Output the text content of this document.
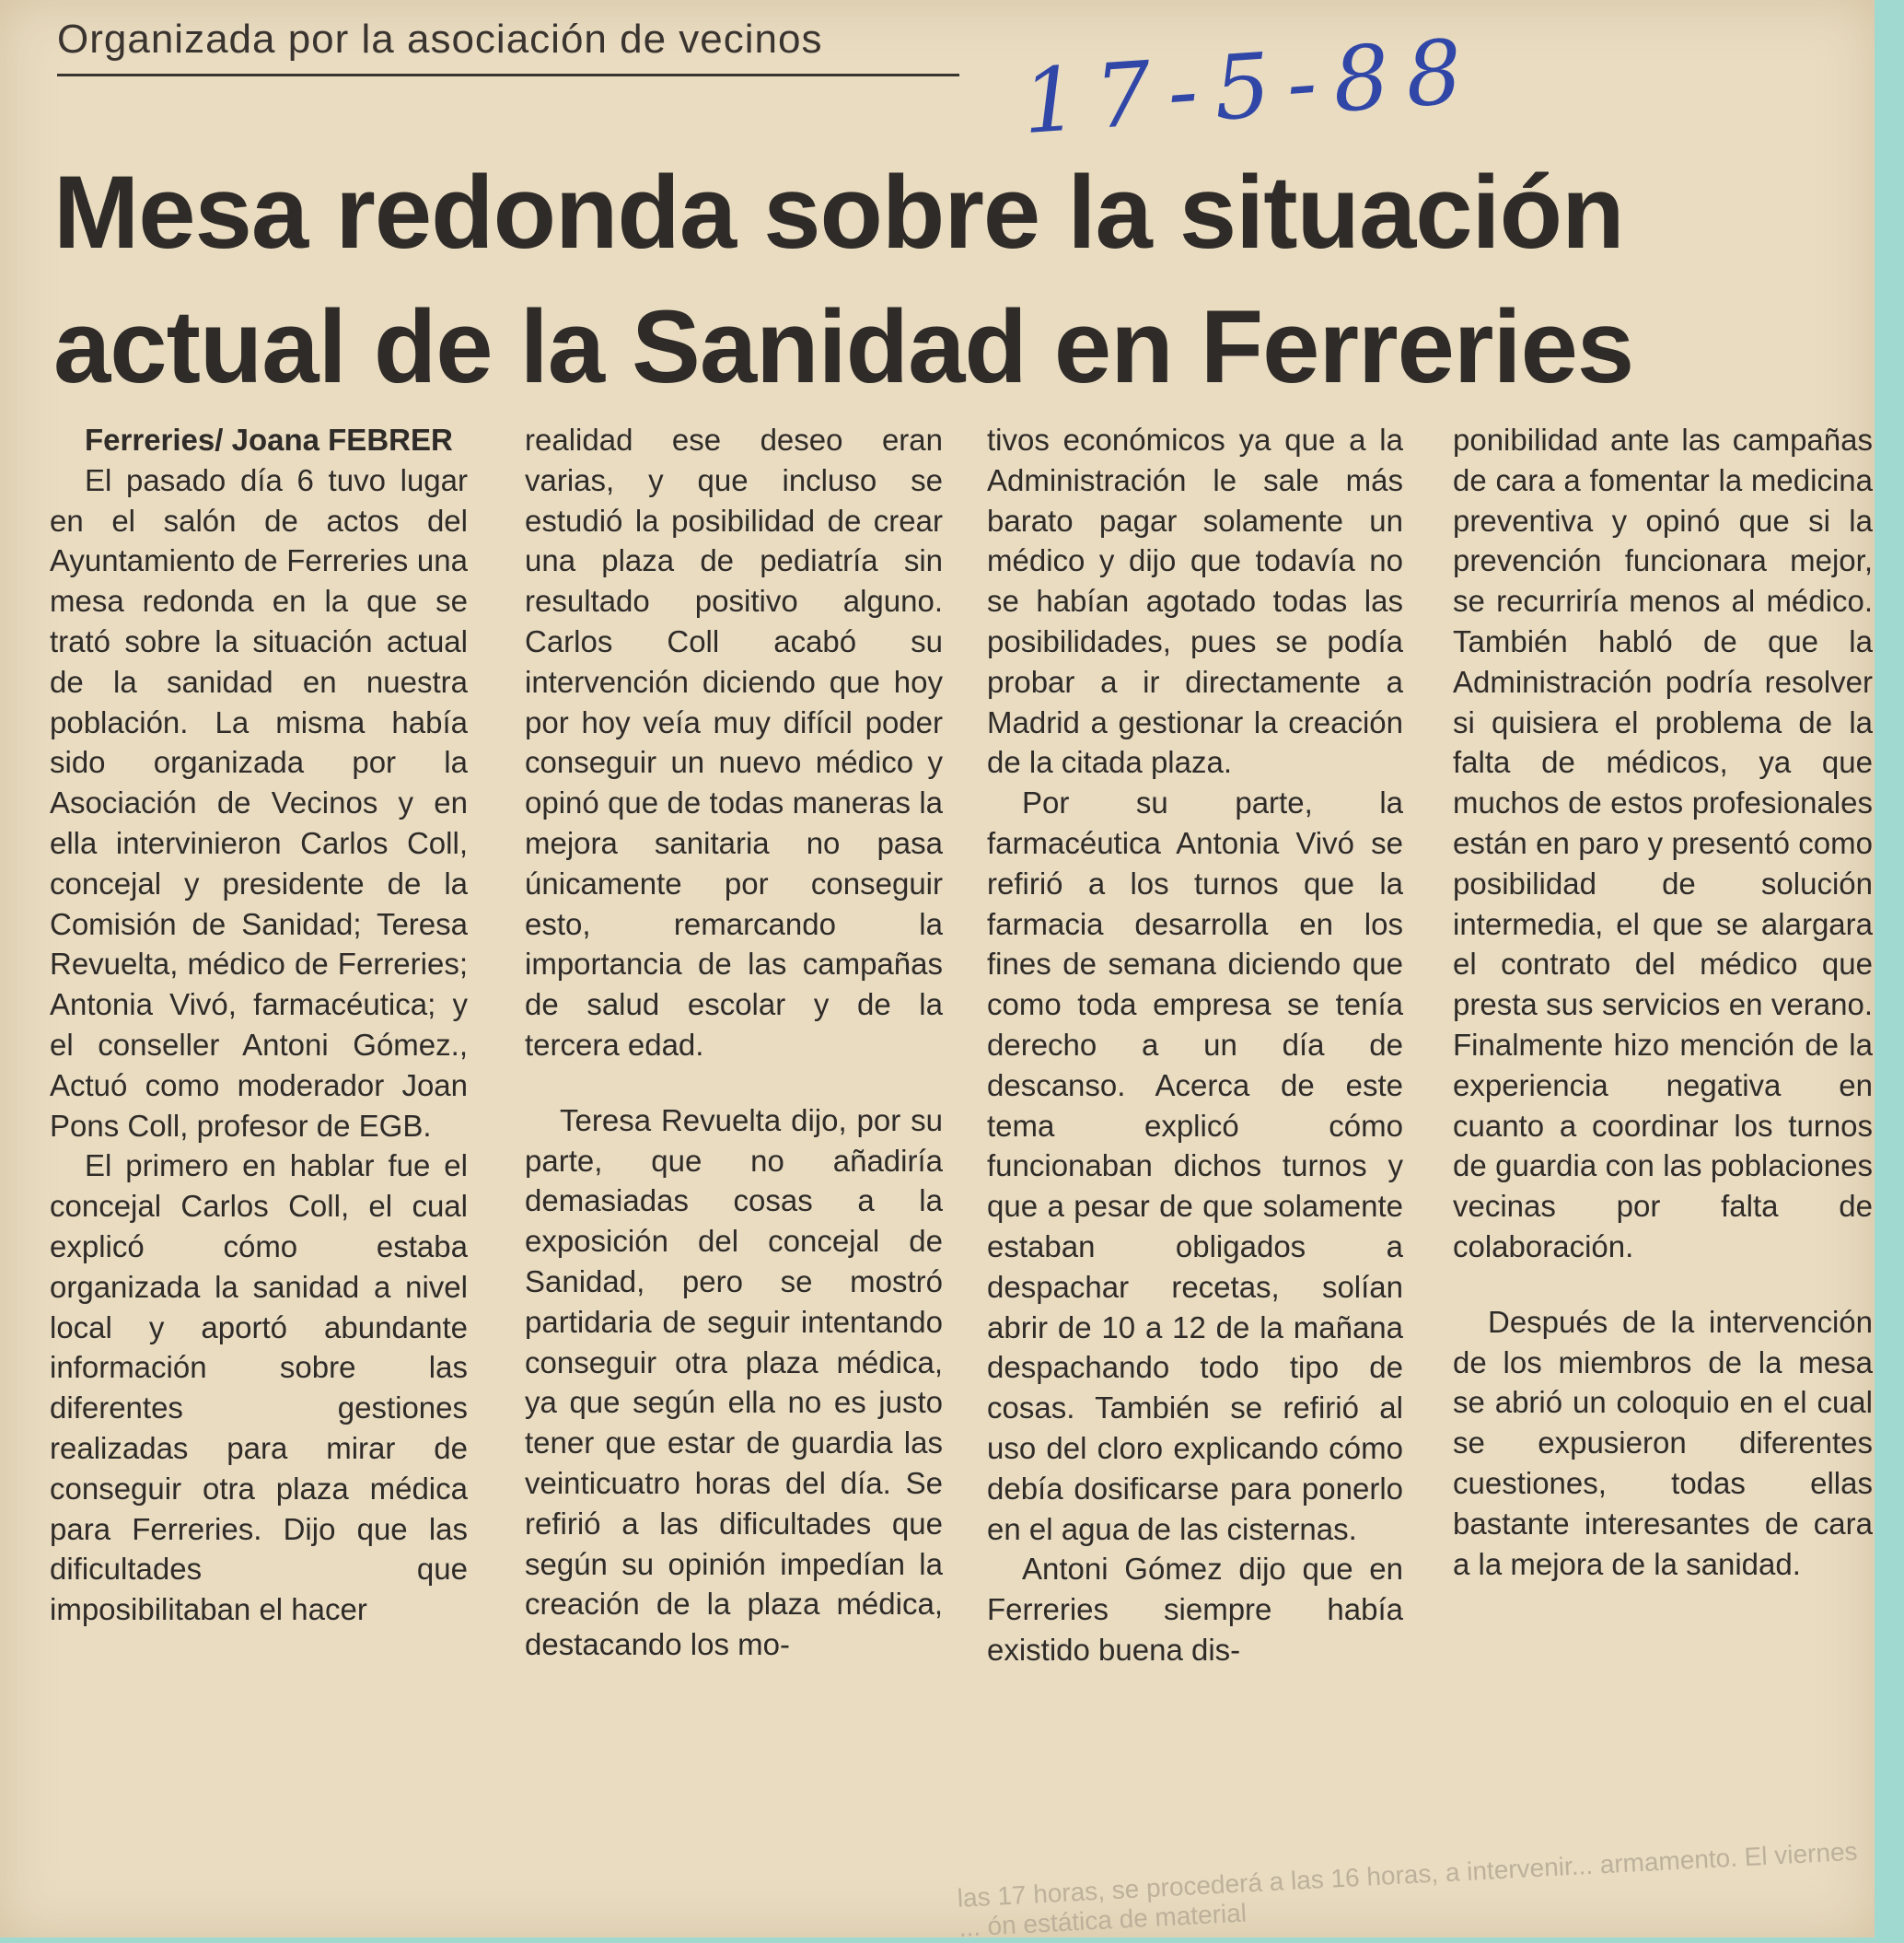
Organizada por la asociación de vecinos	17-5-88
Mesa redonda sobre la situación
actual de la Sanidad en Ferreries

Ferreries/ Joana FEBRER

El pasado día 6 tuvo lugar en el salón de actos del Ayuntamiento de Ferreries una mesa redonda en la que se trató sobre la situación actual de la sanidad en nuestra población. La misma había sido organizada por la Asociación de Vecinos y en ella intervinieron Carlos Coll, concejal y presidente de la Comisión de Sanidad; Teresa Revuelta, médico de Ferreries; Antonia Vivó, farmacéutica; y el conseller Antoni Gómez., Actuó como moderador Joan Pons Coll, profesor de EGB.

El primero en hablar fue el concejal Carlos Coll, el cual explicó cómo estaba organizada la sanidad a nivel local y aportó abundante información sobre las diferentes gestiones realizadas para mirar de conseguir otra plaza médica para Ferreries. Dijo que las dificultades que imposibilitaban el hacer

realidad ese deseo eran varias, y que incluso se estudió la posibilidad de crear una plaza de pediatría sin resultado positivo alguno. Carlos Coll acabó su intervención diciendo que hoy por hoy veía muy difícil poder conseguir un nuevo médico y opinó que de todas maneras la mejora sanitaria no pasa únicamente por conseguir esto, remarcando la importancia de las campañas de salud escolar y de la tercera edad.

Teresa Revuelta dijo, por su parte, que no añadiría demasiadas cosas a la exposición del concejal de Sanidad, pero se mostró partidaria de seguir intentando conseguir otra plaza médica, ya que según ella no es justo tener que estar de guardia las veinticuatro horas del día. Se refirió a las dificultades que según su opinión impedían la creación de la plaza médica, destacando los mo-

tivos económicos ya que a la Administración le sale más barato pagar solamente un médico y dijo que todavía no se habían agotado todas las posibilidades, pues se podía probar a ir directamente a Madrid a gestionar la creación de la citada plaza.

Por su parte, la farmacéutica Antonia Vivó se refirió a los turnos que la farmacia desarrolla en los fines de semana diciendo que como toda empresa se tenía derecho a un día de descanso. Acerca de este tema explicó cómo funcionaban dichos turnos y que a pesar de que solamente estaban obligados a despachar recetas, solían abrir de 10 a 12 de la mañana despachando todo tipo de cosas. También se refirió al uso del cloro explicando cómo debía dosificarse para ponerlo en el agua de las cisternas.

Antoni Gómez dijo que en Ferreries siempre había existido buena dis-

ponibilidad ante las campañas de cara a fomentar la medicina preventiva y opinó que si la prevención funcionara mejor, se recurriría menos al médico. También habló de que la Administración podría resolver si quisiera el problema de la falta de médicos, ya que muchos de estos profesionales están en paro y presentó como posibilidad de solución intermedia, el que se alargara el contrato del médico que presta sus servicios en verano. Finalmente hizo mención de la experiencia negativa en cuanto a coordinar los turnos de guardia con las poblaciones vecinas por falta de colaboración.

Después de la intervención de los miembros de la mesa se abrió un coloquio en el cual se expusieron diferentes cuestiones, todas ellas bastante interesantes de cara a la mejora de la sanidad.

las 17 horas, se procederá a las 16 horas, a intervenir... armamento. El viernes ... ón estática de material
